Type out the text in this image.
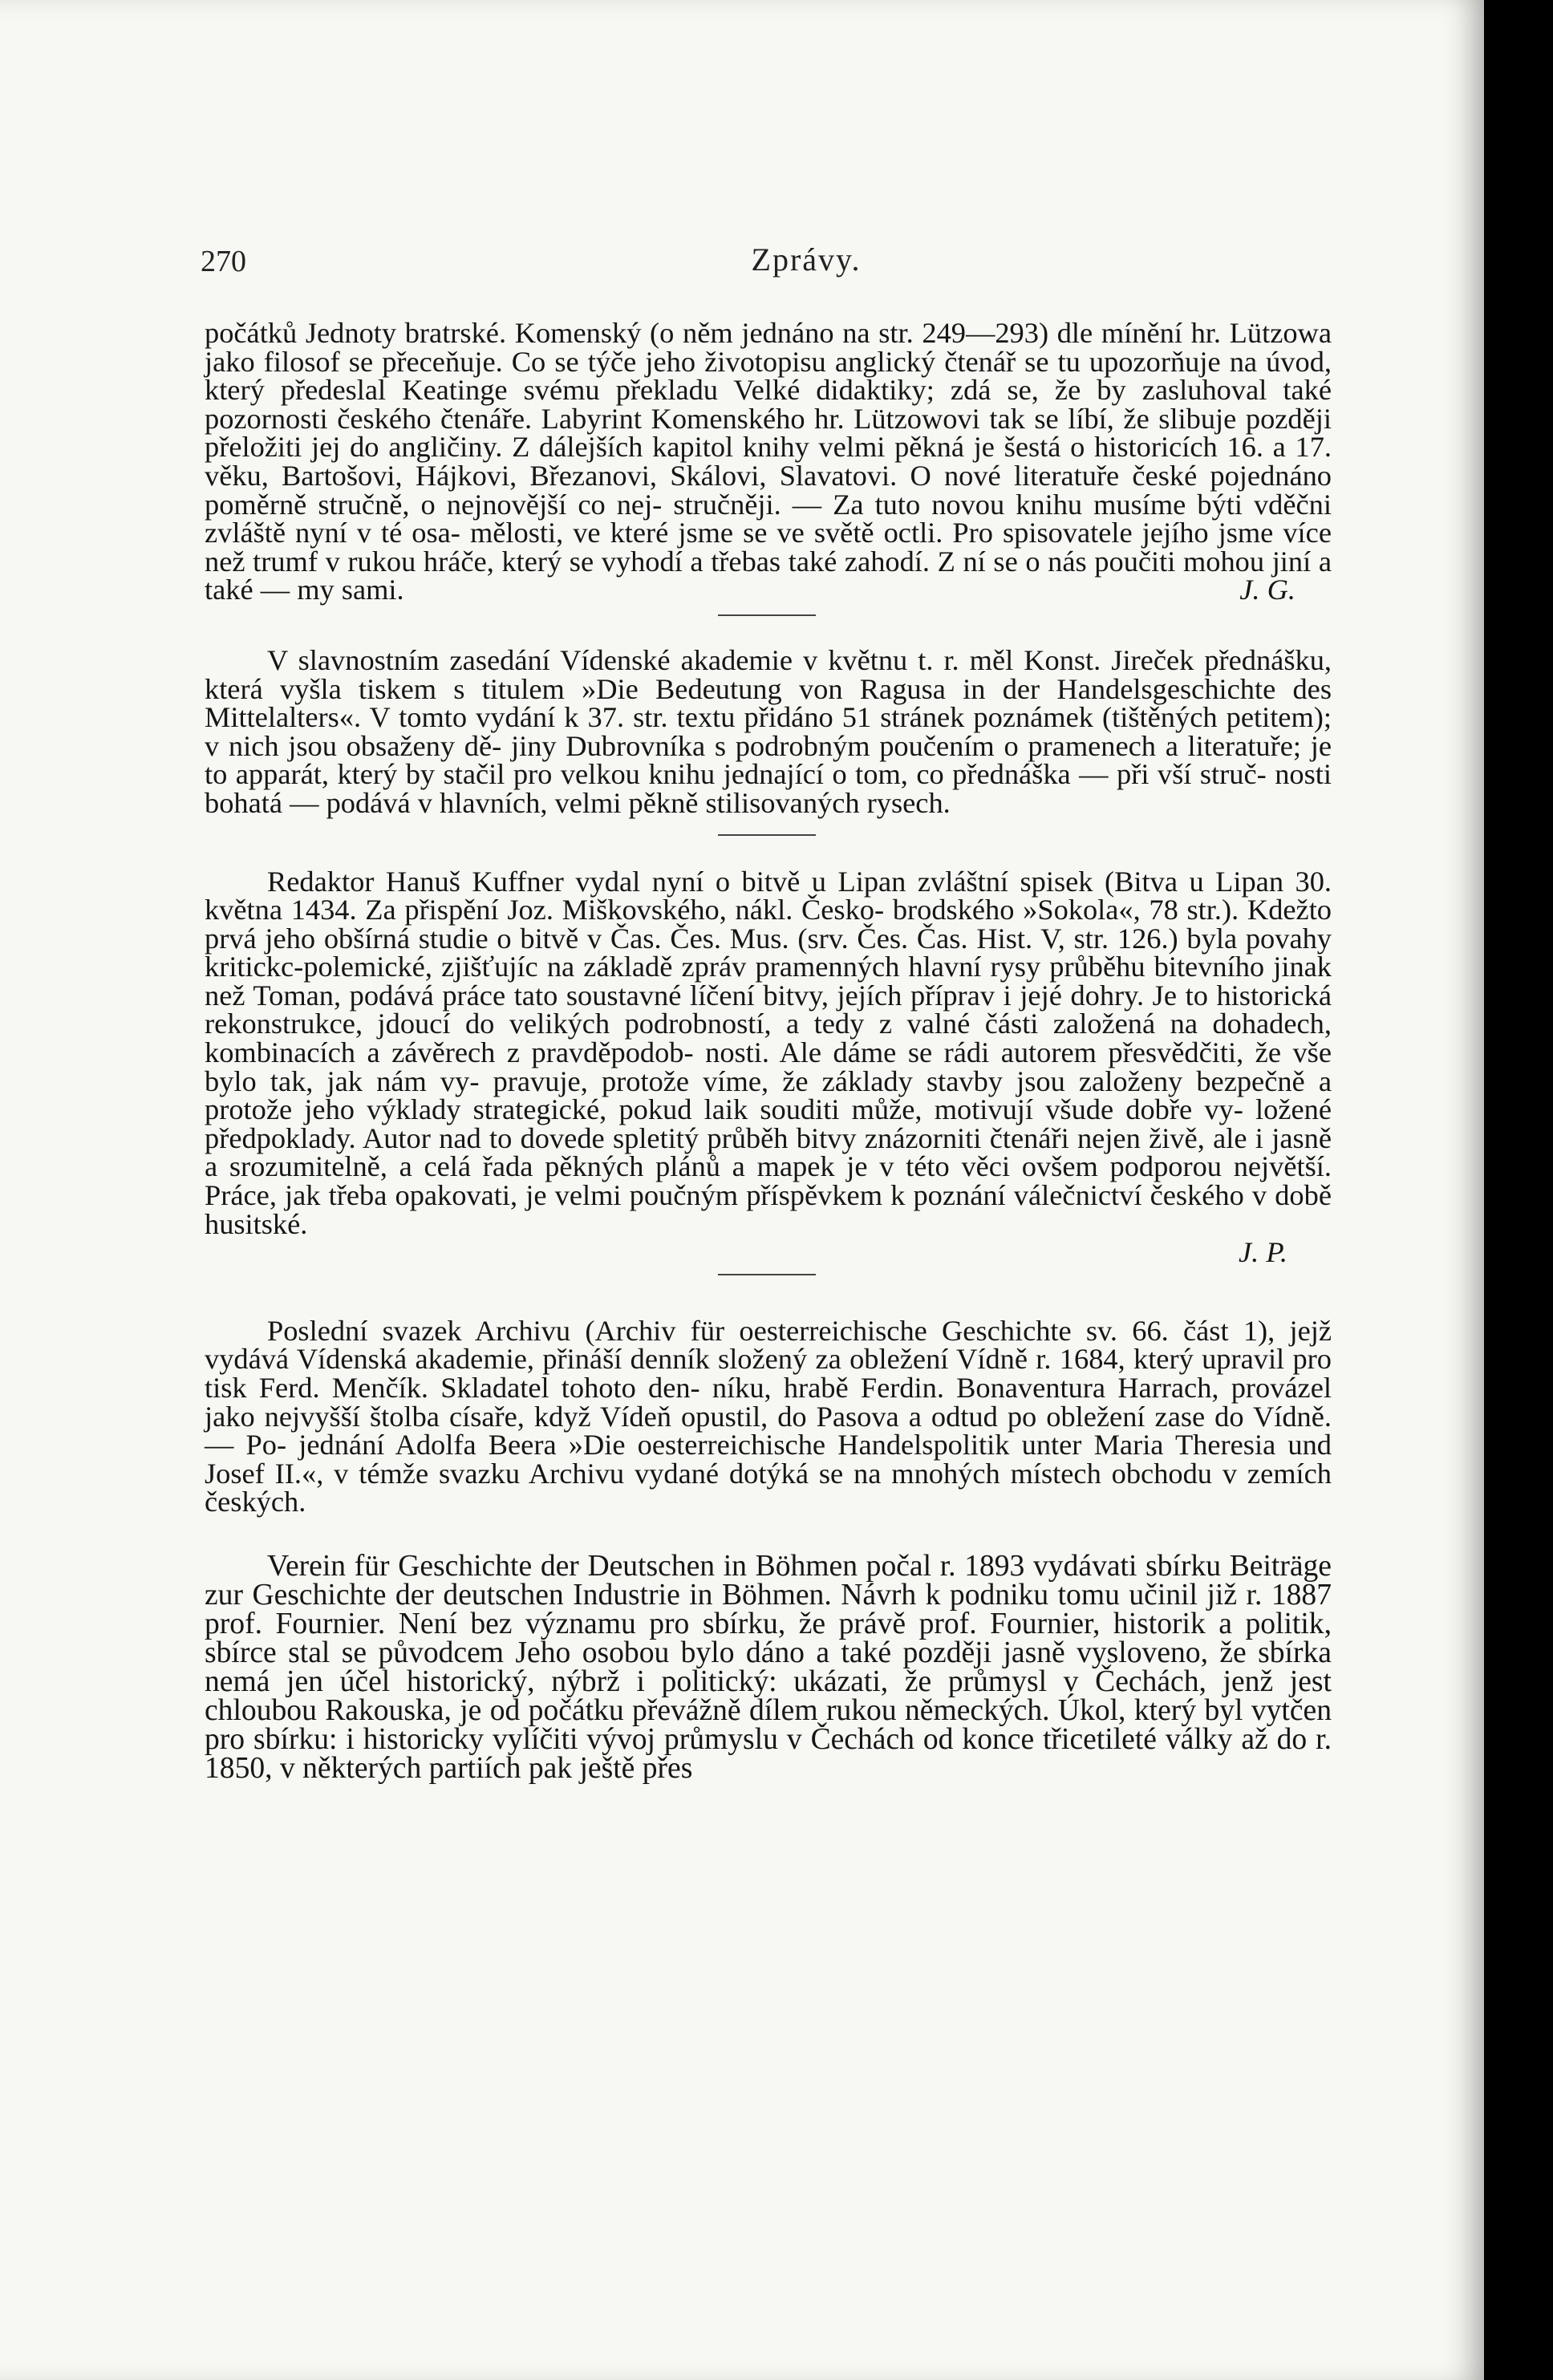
270	Zprávy.

počátků Jednoty bratrské. Komenský (o něm jednáno na str. 249—293) dle mínění hr. Lützowa jako filosof se přeceňuje. Co se týče jeho životopisu anglický čtenář se tu upozorňuje na úvod, který předeslal Keatinge svému překladu Velké didaktiky; zdá se, že by zasluhoval také pozornosti českého čtenáře. Labyrint Komenského hr. Lützowovi tak se líbí, že slibuje později přeložiti jej do angličiny. Z dálejších kapitol knihy velmi pěkná je šestá o historicích 16. a 17. věku, Bartošovi, Hájkovi, Březanovi, Skálovi, Slavatovi. O nové literatuře české pojednáno poměrně stručně, o nejnovější co nej- stručněji. — Za tuto novou knihu musíme býti vděčni zvláště nyní v té osa- mělosti, ve které jsme se ve světě octli. Pro spisovatele jejího jsme více než trumf v rukou hráče, který se vyhodí a třebas také zahodí. Z ní se o nás poučiti mohou jiní a také — my sami.	J. G.

V slavnostním zasedání Vídenské akademie v květnu t. r. měl Konst. Jireček přednášku, která vyšla tiskem s titulem »Die Bedeutung von Ragusa in der Handelsgeschichte des Mittelalters«. V tomto vydání k 37. str. textu přidáno 51 stránek poznámek (tištěných petitem); v nich jsou obsaženy dě- jiny Dubrovníka s podrobným poučením o pramenech a literatuře; je to apparát, který by stačil pro velkou knihu jednající o tom, co přednáška — při vší struč- nosti bohatá — podává v hlavních, velmi pěkně stilisovaných rysech.

Redaktor Hanuš Kuffner vydal nyní o bitvě u Lipan zvláštní spisek (Bitva u Lipan 30. května 1434. Za přispění Joz. Miškovského, nákl. Česko- brodského »Sokola«, 78 str.). Kdežto prvá jeho obšírná studie o bitvě v Čas. Čes. Mus. (srv. Čes. Čas. Hist. V, str. 126.) byla povahy kritickc-polemické, zjišťujíc na základě zpráv pramenných hlavní rysy průběhu bitevního jinak než Toman, podává práce tato soustavné líčení bitvy, jejích příprav i jejé dohry. Je to historická rekonstrukce, jdoucí do velikých podrobností, a tedy z valné části založená na dohadech, kombinacích a závěrech z pravděpodob- nosti. Ale dáme se rádi autorem přesvědčiti, že vše bylo tak, jak nám vy- pravuje, protože víme, že základy stavby jsou založeny bezpečně a protože jeho výklady strategické, pokud laik souditi může, motivují všude dobře vy- ložené předpoklady. Autor nad to dovede spletitý průběh bitvy znázorniti čtenáři nejen živě, ale i jasně a srozumitelně, a celá řada pěkných plánů a mapek je v této věci ovšem podporou největší. Práce, jak třeba opakovati, je velmi poučným příspěvkem k poznání válečnictví českého v době husitské.

J. P.

Poslední svazek Archivu (Archiv für oesterreichische Geschichte sv. 66. část 1), jejž vydává Vídenská akademie, přináší denník složený za obležení Vídně r. 1684, který upravil pro tisk Ferd. Menčík. Skladatel tohoto den- níku, hrabě Ferdin. Bonaventura Harrach, provázel jako nejvyšší štolba císaře, když Vídeň opustil, do Pasova a odtud po obležení zase do Vídně. — Po- jednání Adolfa Beera »Die oesterreichische Handelspolitik unter Maria Theresia und Josef II.«, v témže svazku Archivu vydané dotýká se na mnohých místech obchodu v zemích českých.

Verein für Geschichte der Deutschen in Böhmen počal r. 1893 vydávati sbírku Beiträge zur Geschichte der deutschen Industrie in Böhmen. Návrh k podniku tomu učinil již r. 1887 prof. Fournier. Není bez významu pro sbírku, že právě prof. Fournier, historik a politik, sbírce stal se původcem Jeho osobou bylo dáno a také později jasně vysloveno, že sbírka nemá jen účel historický, nýbrž i politický: ukázati, že průmysl v Čechách, jenž jest chloubou Rakouska, je od počátku převážně dílem rukou německých. Úkol, který byl vytčen pro sbírku: i historicky vylíčiti vývoj průmyslu v Čechách od konce třicetileté války až do r. 1850, v některých partiích pak ještě přes
